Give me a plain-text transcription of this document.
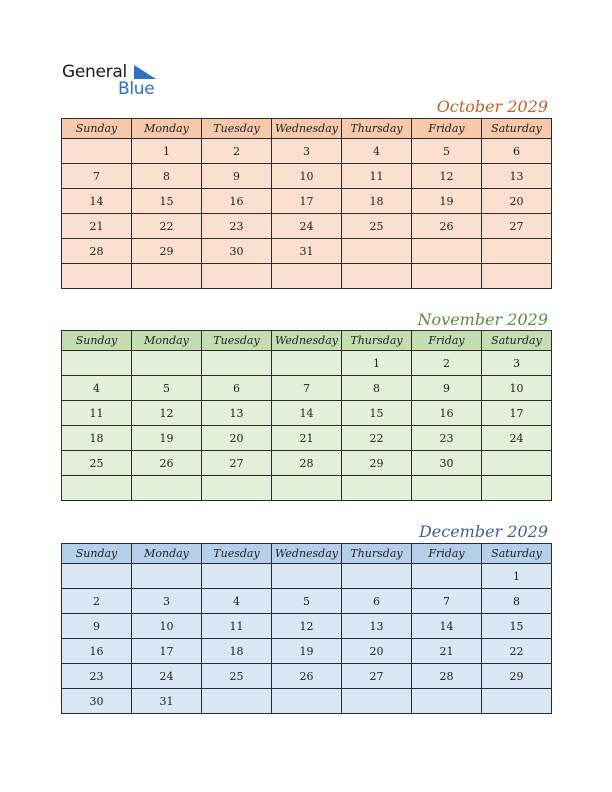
General
Blue
October 2029
Sunday	Monday	Tuesday	Wednesday	Thursday	Friday	Saturday
	1	2	3	4	5	6
7	8	9	10	11	12	13
14	15	16	17	18	19	20
21	22	23	24	25	26	27
28	29	30	31			

November 2029
Sunday	Monday	Tuesday	Wednesday	Thursday	Friday	Saturday
				1	2	3
4	5	6	7	8	9	10
11	12	13	14	15	16	17
18	19	20	21	22	23	24
25	26	27	28	29	30	

December 2029
Sunday	Monday	Tuesday	Wednesday	Thursday	Friday	Saturday
						1
2	3	4	5	6	7	8
9	10	11	12	13	14	15
16	17	18	19	20	21	22
23	24	25	26	27	28	29
30	31					
